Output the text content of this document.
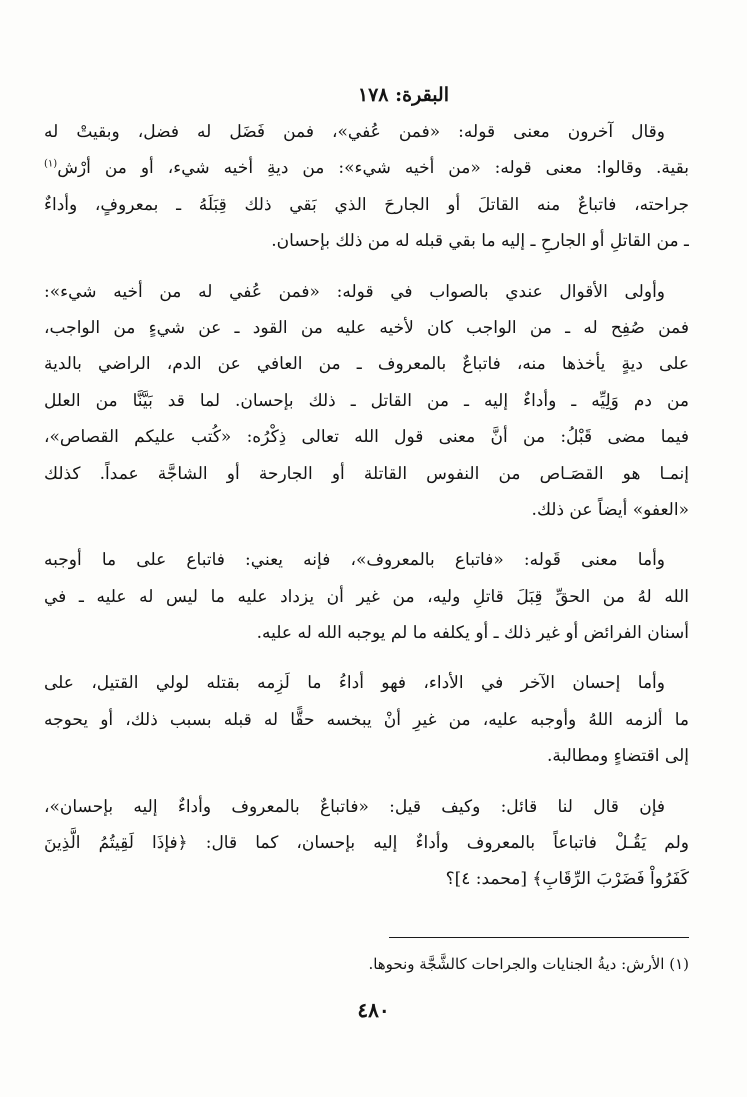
البقرة: ١٧٨
وقال آخرون معنى قوله: «فمن عُفي»، فمن فَضَل له فضل، وبقيتْ له
بقية. وقالوا: معنى قوله: «من أخيه شيء»: من ديةِ أخيه شيء، أو من أرْش$^{(١)}$
جراحته، فاتباعٌ منه القاتلَ أو الجارحَ الذي بَقي ذلك قِبَلَهُ ـ بمعروفٍ، وأداءٌ
ـ من القاتلِ أو الجارحِ ـ إليه ما بقي قبله له من ذلك بإحسان.
وأولى الأقوال عندي بالصواب في قوله: «فمن عُفي له من أخيه شيء»:
فمن صُفِح له ـ من الواجب كان لأخيه عليه من القود ـ عن شيءٍ من الواجب،
على ديةٍ يأخذها منه، فاتباعٌ بالمعروف ـ من العافي عن الدم، الراضي بالدية
من دم وَلِيِّه ـ وأداءٌ إليه ـ من القاتل ـ ذلك بإحسان. لما قد بَيَّنَّا من العلل
فيما مضى قَبْلُ: من أنَّ معنى قول الله تعالى ذِكْرُه: «كُتب عليكم القصاص»،
إنمـا هو القصَـاص من النفوس القاتلة أو الجارحة أو الشاجَّة عمداً. كذلك
«العفو» أيضاً عن ذلك.
وأما معنى قَوله: «فاتباع بالمعروف»، فإنه يعني: فاتباع على ما أوجبه
الله لهُ من الحقِّ قِبَلَ قاتلِ وليه، من غير أن يزداد عليه ما ليس له عليه ـ في
أسنان الفرائض أو غير ذلك ـ أو يكلفه ما لم يوجبه الله له عليه.
وأما إحسان الآخر في الأداء، فهو أداءُ ما لَزِمه بقتله لولي القتيل، على
ما ألزمه اللهُ وأوجبه عليه، من غيرِ أنْ يبخسه حقًّا له قبله بسبب ذلك، أو يحوجه
إلى اقتضاءٍ ومطالبة.
فإن قال لنا قائل: وكيف قيل: «فاتباعٌ بالمعروف وأداءٌ إليه بإحسان»،
ولم يَقُـلْ فاتباعاً بالمعروف وأداءٌ إليه بإحسان، كما قال: ﴿فإذَا لَقِيتُمُ الَّذِينَ
كَفَرُواْ فَضَرْبَ الرِّقَابِ﴾ [محمد: ٤]؟
(١) الأرش: ديةُ الجنايات والجراحات كالشَّجَّة ونحوها.
٤٨٠
